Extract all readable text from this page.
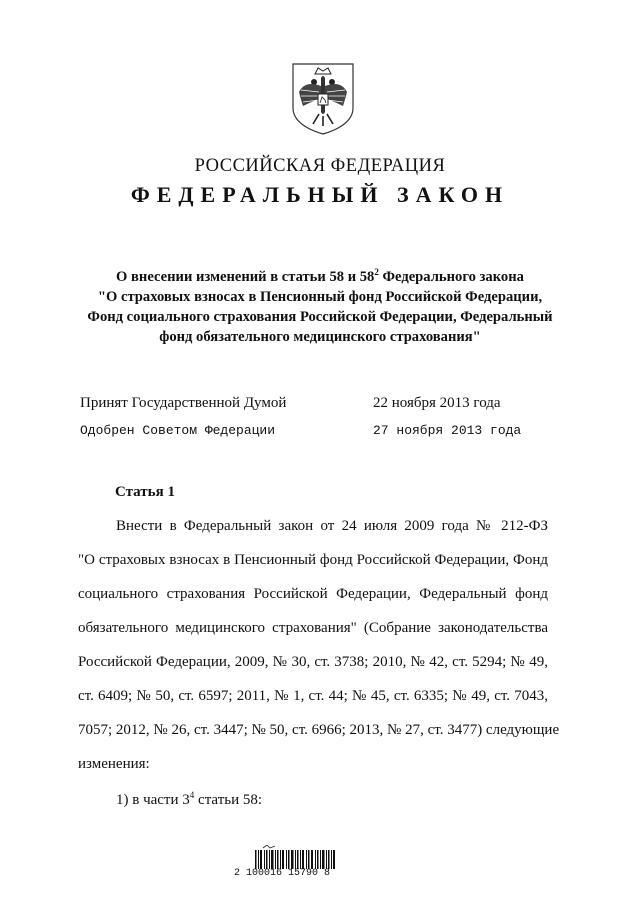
РОССИЙСКАЯ ФЕДЕРАЦИЯ
ФЕДЕРАЛЬНЫЙ ЗАКОН
О внесении изменений в статьи 58 и $58^2$ Федерального закона
"О страховых взносах в Пенсионный фонд Российской Федерации,
Фонд социального страхования Российской Федерации, Федеральный
фонд обязательного медицинского страхования"
Принят Государственной Думой	22 ноября 2013 года
Одобрен Советом Федерации	27 ноября 2013 года
Статья 1
Внести в Федеральный закон от 24 июля 2009 года № 212-ФЗ
"О страховых взносах в Пенсионный фонд Российской Федерации, Фонд
социального страхования Российской Федерации, Федеральный фонд
обязательного медицинского страхования" (Собрание законодательства
Российской Федерации, 2009, № 30, ст. 3738; 2010, № 42, ст. 5294; № 49,
ст. 6409; № 50, ст. 6597; 2011, № 1, ст. 44; № 45, ст. 6335; № 49, ст. 7043,
7057; 2012, № 26, ст. 3447; № 50, ст. 6966; 2013, № 27, ст. 3477) следующие
изменения:
1) в части $3^4$ статьи 58:
2 100016 15790 8
